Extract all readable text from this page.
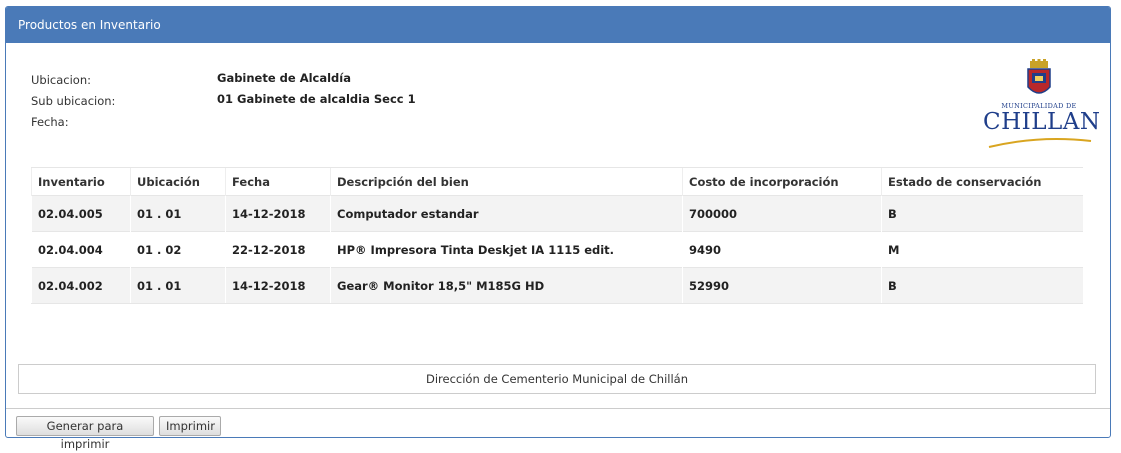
Productos en Inventario
Ubicacion:	Gabinete de Alcaldía
Sub ubicacion:	01 Gabinete de alcaldia Secc 1
Fecha:
MUNICIPALIDAD DE
CHILLAN
Inventario	Ubicación	Fecha	Descripción del bien	Costo de incorporación	Estado de conservación
02.04.005	01 . 01	14-12-2018	Computador estandar	700000	B
02.04.004	01 . 02	22-12-2018	HP® Impresora Tinta Deskjet IA 1115 edit.	9490	M
02.04.002	01 . 01	14-12-2018	Gear® Monitor 18,5" M185G HD	52990	B
Dirección de Cementerio Municipal de Chillán
Generar para imprimir
Imprimir
